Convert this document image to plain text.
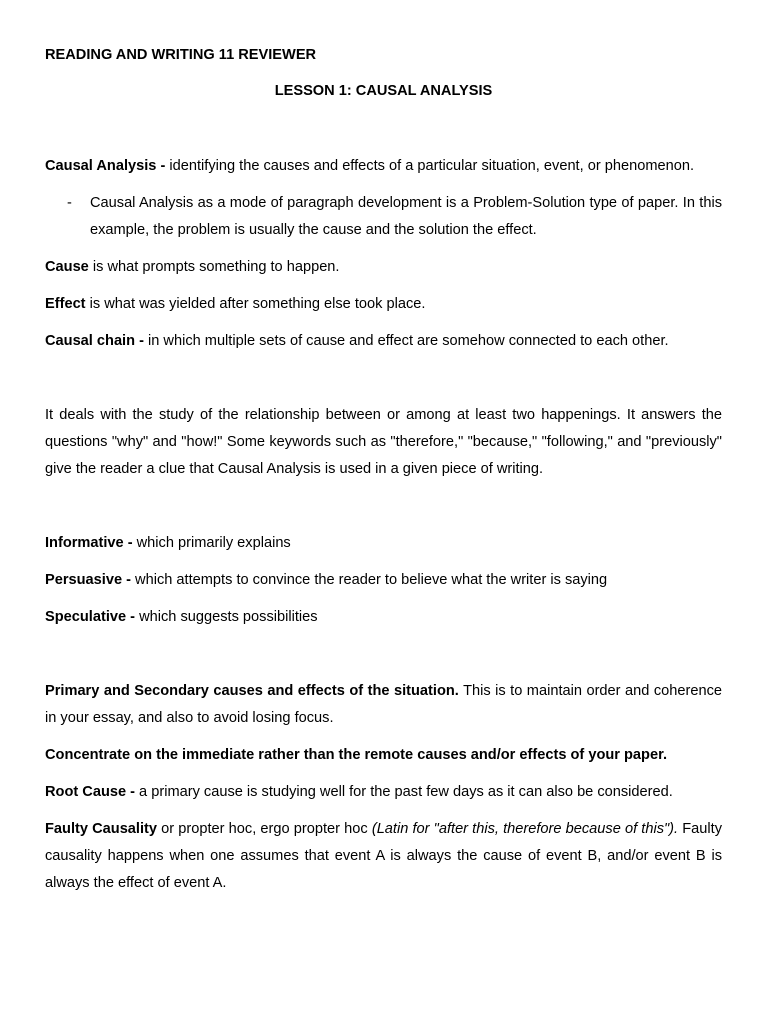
READING AND WRITING 11 REVIEWER

LESSON 1: CAUSAL ANALYSIS

Causal Analysis - identifying the causes and effects of a particular situation, event, or phenomenon.

- Causal Analysis as a mode of paragraph development is a Problem-Solution type of paper. In this example, the problem is usually the cause and the solution the effect.

Cause is what prompts something to happen.

Effect is what was yielded after something else took place.

Causal chain - in which multiple sets of cause and effect are somehow connected to each other.

It deals with the study of the relationship between or among at least two happenings. It answers the questions "why" and "how!" Some keywords such as "therefore," "because," "following," and "previously" give the reader a clue that Causal Analysis is used in a given piece of writing.

Informative - which primarily explains

Persuasive - which attempts to convince the reader to believe what the writer is saying

Speculative - which suggests possibilities

Primary and Secondary causes and effects of the situation. This is to maintain order and coherence in your essay, and also to avoid losing focus.

Concentrate on the immediate rather than the remote causes and/or effects of your paper.

Root Cause - a primary cause is studying well for the past few days as it can also be considered.

Faulty Causality or propter hoc, ergo propter hoc (Latin for "after this, therefore because of this"). Faulty causality happens when one assumes that event A is always the cause of event B, and/or event B is always the effect of event A.
